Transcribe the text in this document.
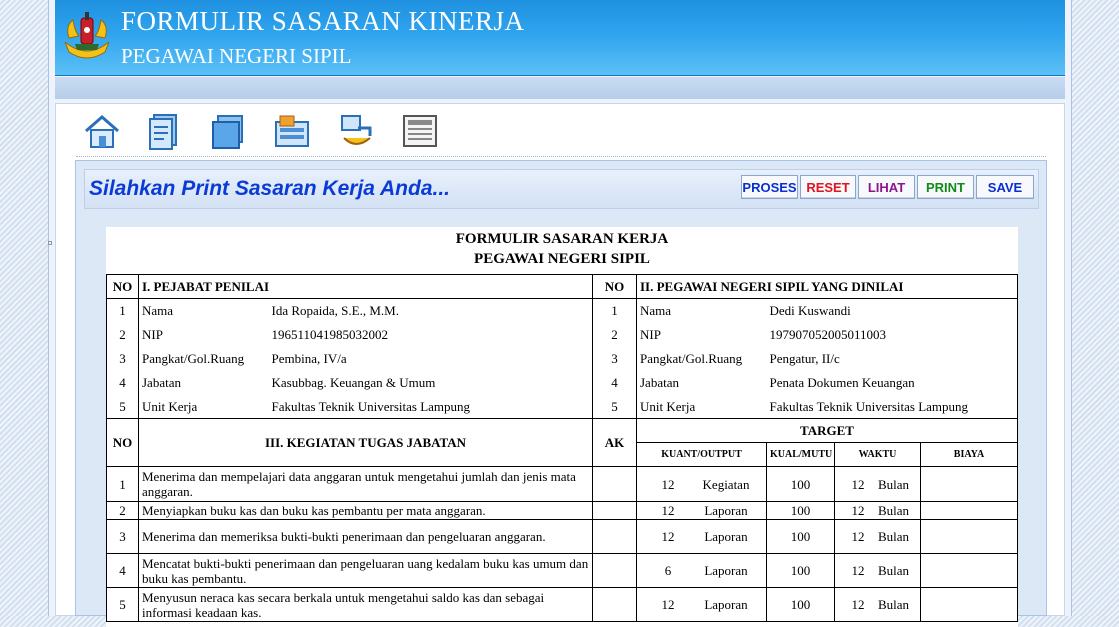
FORMULIR SASARAN KINERJA
PEGAWAI NEGERI SIPIL
Silahkan Print Sasaran Kerja Anda...	PROSES RESET	LIHAT	PRINT	SAVE
FORMULIR SASARAN KERJA
PEGAWAI NEGERI SIPIL
NO	I. PEJABAT PENILAI		NO	II. PEGAWAI NEGERI SIPIL YANG DINILAI	
1	Nama	Ida Ropaida, S.E., M.M.	1	Nama	Dedi Kuswandi
2	NIP	196511041985032002	2	NIP	197907052005011003
3	Pangkat/Gol.Ruang	Pembina, IV/a	3	Pangkat/Gol.Ruang	Pengatur, II/c
4	Jabatan	Kasubbag. Keuangan & Umum	4	Jabatan	Penata Dokumen Keuangan
5	Unit Kerja	Fakultas Teknik Universitas Lampung	5	Unit Kerja	Fakultas Teknik Universitas Lampung
NO	III. KEGIATAN TUGAS JABATAN	AK	TARGET			
			KUANT/OUTPUT	KUAL/MUTU	WAKTU	BIAYA
1	Menerima dan mempelajari data anggaran untuk mengetahui jumlah dan jenis mata anggaran.		12 Kegiatan	100	12 Bulan	
2	Menyiapkan buku kas dan buku kas pembantu per mata anggaran.		12 Laporan	100	12 Bulan	
3	Menerima dan memeriksa bukti-bukti penerimaan dan pengeluaran anggaran.		12 Laporan	100	12 Bulan	
4	Mencatat bukti-bukti penerimaan dan pengeluaran uang kedalam buku kas umum dan buku kas pembantu.		6 Laporan	100	12 Bulan	
5	Menyusun neraca kas secara berkala untuk mengetahui saldo kas dan sebagai informasi keadaan kas.		12 Laporan	100	12 Bulan	
